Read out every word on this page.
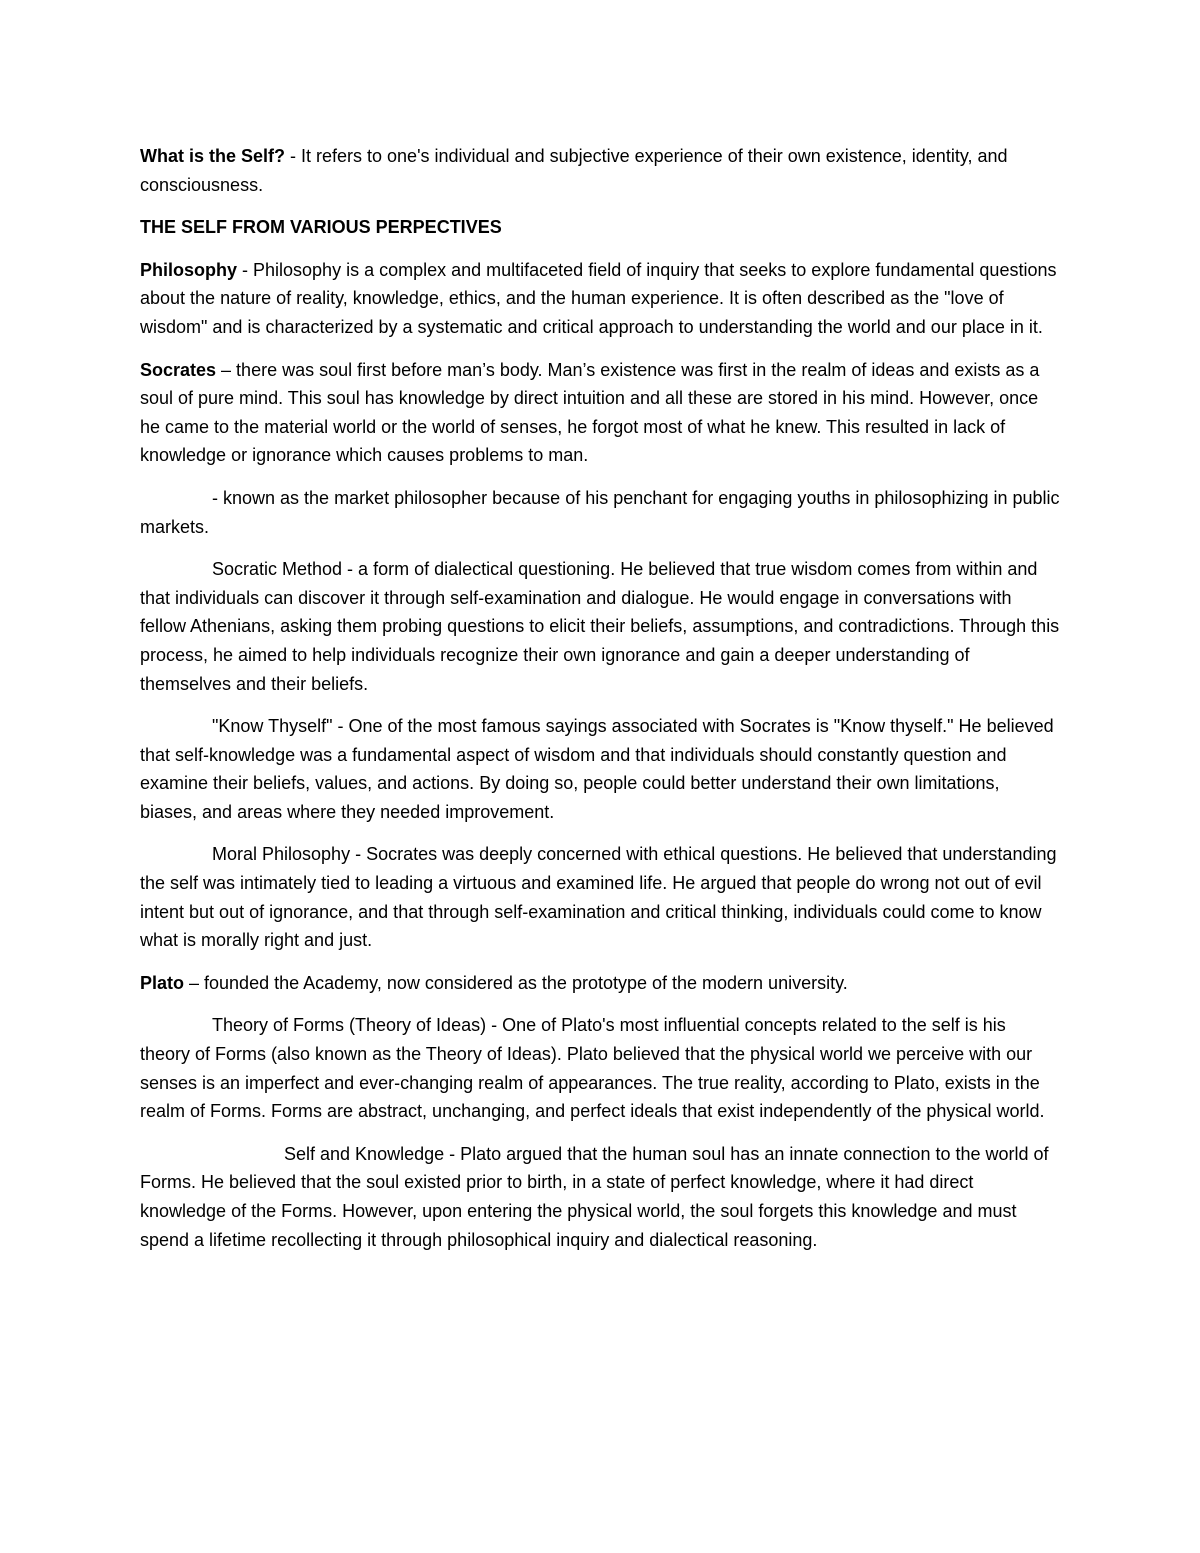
What is the Self? - It refers to one's individual and subjective experience of their own existence, identity, and consciousness.

THE SELF FROM VARIOUS PERPECTIVES

Philosophy - Philosophy is a complex and multifaceted field of inquiry that seeks to explore fundamental questions about the nature of reality, knowledge, ethics, and the human experience. It is often described as the "love of wisdom" and is characterized by a systematic and critical approach to understanding the world and our place in it.

Socrates – there was soul first before man’s body. Man’s existence was first in the realm of ideas and exists as a soul of pure mind. This soul has knowledge by direct intuition and all these are stored in his mind. However, once he came to the material world or the world of senses, he forgot most of what he knew. This resulted in lack of knowledge or ignorance which causes problems to man.

- known as the market philosopher because of his penchant for engaging youths in philosophizing in public markets.

Socratic Method - a form of dialectical questioning. He believed that true wisdom comes from within and that individuals can discover it through self-examination and dialogue. He would engage in conversations with fellow Athenians, asking them probing questions to elicit their beliefs, assumptions, and contradictions. Through this process, he aimed to help individuals recognize their own ignorance and gain a deeper understanding of themselves and their beliefs.

"Know Thyself" - One of the most famous sayings associated with Socrates is "Know thyself." He believed that self-knowledge was a fundamental aspect of wisdom and that individuals should constantly question and examine their beliefs, values, and actions. By doing so, people could better understand their own limitations, biases, and areas where they needed improvement.

Moral Philosophy - Socrates was deeply concerned with ethical questions. He believed that understanding the self was intimately tied to leading a virtuous and examined life. He argued that people do wrong not out of evil intent but out of ignorance, and that through self-examination and critical thinking, individuals could come to know what is morally right and just.

Plato – founded the Academy, now considered as the prototype of the modern university.

Theory of Forms (Theory of Ideas) - One of Plato's most influential concepts related to the self is his theory of Forms (also known as the Theory of Ideas). Plato believed that the physical world we perceive with our senses is an imperfect and ever-changing realm of appearances. The true reality, according to Plato, exists in the realm of Forms. Forms are abstract, unchanging, and perfect ideals that exist independently of the physical world.

Self and Knowledge - Plato argued that the human soul has an innate connection to the world of Forms. He believed that the soul existed prior to birth, in a state of perfect knowledge, where it had direct knowledge of the Forms. However, upon entering the physical world, the soul forgets this knowledge and must spend a lifetime recollecting it through philosophical inquiry and dialectical reasoning.
